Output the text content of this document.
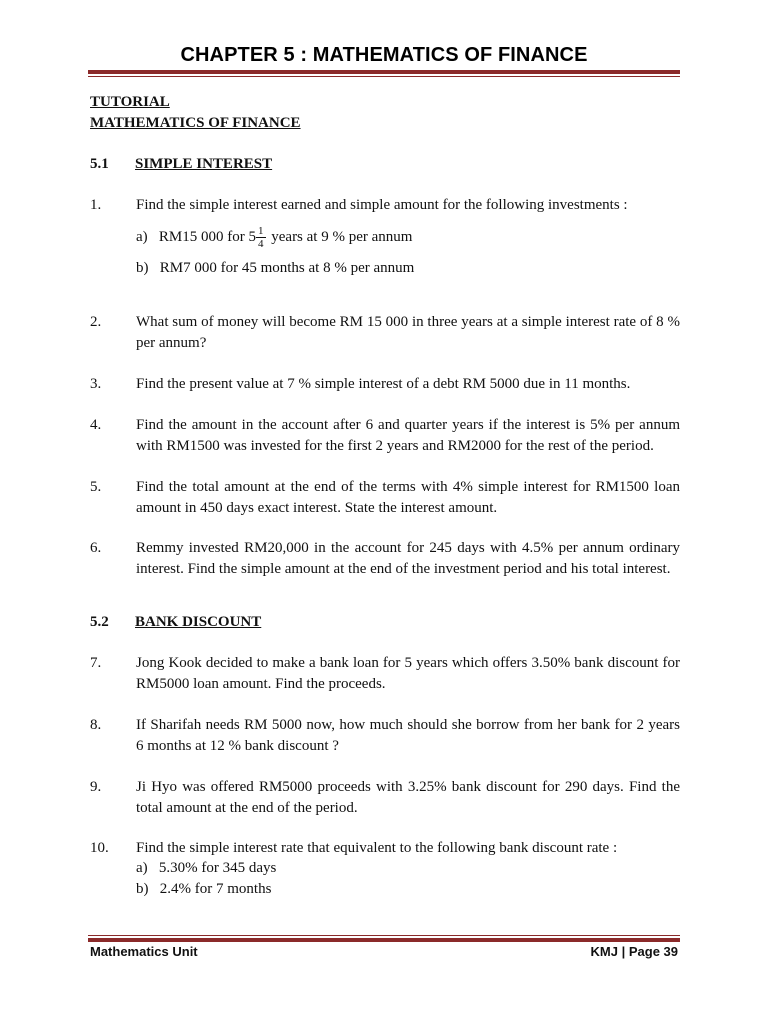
CHAPTER 5 : MATHEMATICS OF FINANCE
TUTORIAL
MATHEMATICS OF FINANCE
5.1 SIMPLE INTEREST
1. Find the simple interest earned and simple amount for the following investments :
a) RM15 000 for $5 \frac{1}{4}$ years at 9 % per annum
b) RM7 000 for 45 months at 8 % per annum
2. What sum of money will become RM 15 000 in three years at a simple interest rate of 8 % per annum?
3. Find the present value at 7 % simple interest of a debt RM 5000 due in 11 months.
4. Find the amount in the account after 6 and quarter years if the interest is 5% per annum with RM1500 was invested for the first 2 years and RM2000 for the rest of the period.
5. Find the total amount at the end of the terms with 4% simple interest for RM1500 loan amount in 450 days exact interest. State the interest amount.
6. Remmy invested RM20,000 in the account for 245 days with 4.5% per annum ordinary interest. Find the simple amount at the end of the investment period and his total interest.
5.2 BANK DISCOUNT
7. Jong Kook decided to make a bank loan for 5 years which offers 3.50% bank discount for RM5000 loan amount. Find the proceeds.
8. If Sharifah needs RM 5000 now, how much should she borrow from her bank for 2 years 6 months at 12 % bank discount ?
9. Ji Hyo was offered RM5000 proceeds with 3.25% bank discount for 290 days. Find the total amount at the end of the period.
10. Find the simple interest rate that equivalent to the following bank discount rate :
a) 5.30% for 345 days
b) 2.4% for 7 months
Mathematics Unit	KMJ | Page 39
